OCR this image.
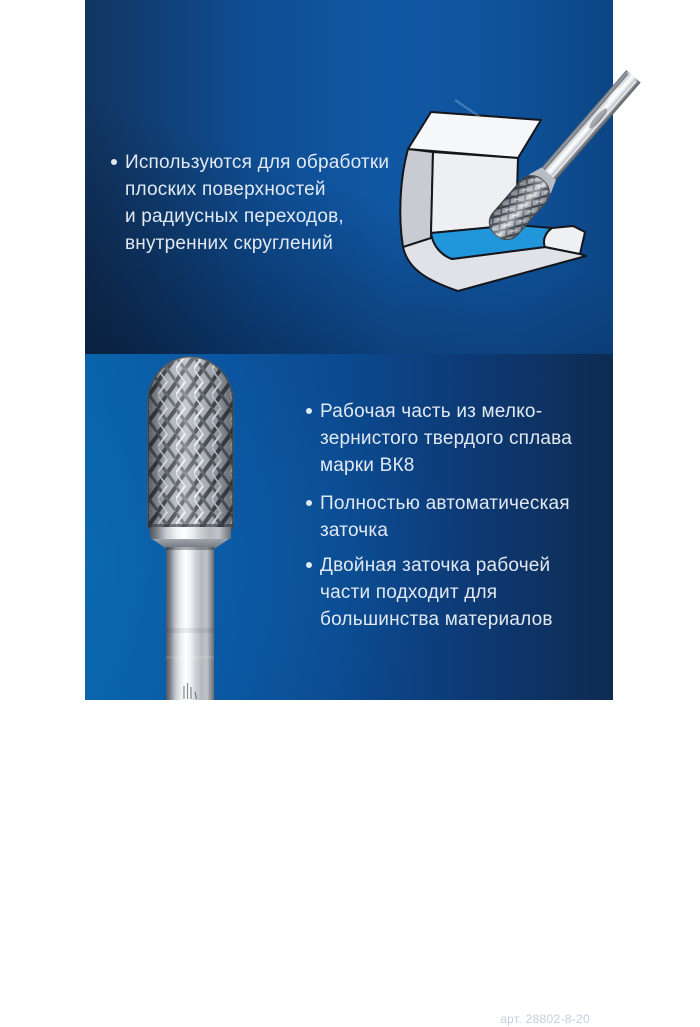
Используются для обработки
плоских поверхностей
и радиусных переходов,
внутренних скруглений
Рабочая часть из мелко-
зернистого твердого сплава
марки ВК8
Полностью автоматическая
заточка
Двойная заточка рабочей
части подходит для
большинства материалов
арт. 28802-8-20
